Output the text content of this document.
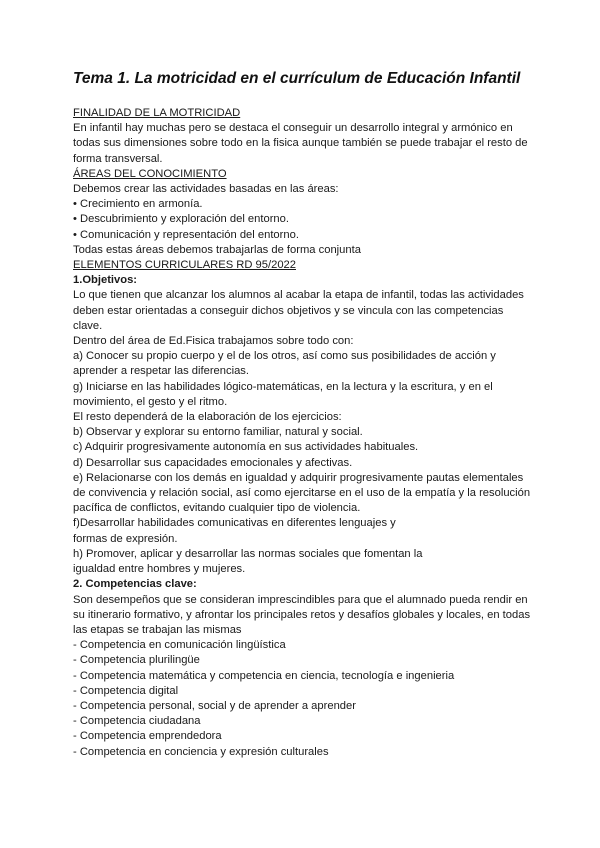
Tema 1. La motricidad en el currículum de Educación Infantil
FINALIDAD DE LA MOTRICIDAD
En infantil hay muchas pero se destaca el conseguir un desarrollo integral y armónico en
todas sus dimensiones sobre todo en la fisica aunque también se puede trabajar el resto de
forma transversal.
ÁREAS DEL CONOCIMIENTO
Debemos crear las actividades basadas en las áreas:
• Crecimiento en armonía.
• Descubrimiento y exploración del entorno.
• Comunicación y representación del entorno.
Todas estas áreas debemos trabajarlas de forma conjunta
ELEMENTOS CURRICULARES RD 95/2022
1.Objetivos:
Lo que tienen que alcanzar los alumnos al acabar la etapa de infantil, todas las actividades
deben estar orientadas a conseguir dichos objetivos y se vincula con las competencias
clave.
Dentro del área de Ed.Fisica trabajamos sobre todo con:
a) Conocer su propio cuerpo y el de los otros, así como sus posibilidades de acción y
aprender a respetar las diferencias.
g) Iniciarse en las habilidades lógico-matemáticas, en la lectura y la escritura, y en el
movimiento, el gesto y el ritmo.
El resto dependerá de la elaboración de los ejercicios:
b) Observar y explorar su entorno familiar, natural y social.
c) Adquirir progresivamente autonomía en sus actividades habituales.
d) Desarrollar sus capacidades emocionales y afectivas.
e) Relacionarse con los demás en igualdad y adquirir progresivamente pautas elementales
de convivencia y relación social, así como ejercitarse en el uso de la empatía y la resolución
pacífica de conflictos, evitando cualquier tipo de violencia.
f)Desarrollar habilidades comunicativas en diferentes lenguajes y
formas de expresión.
h) Promover, aplicar y desarrollar las normas sociales que fomentan la
igualdad entre hombres y mujeres.
2. Competencias clave:
Son desempeños que se consideran imprescindibles para que el alumnado pueda rendir en
su itinerario formativo, y afrontar los principales retos y desafíos globales y locales, en todas
las etapas se trabajan las mismas
- Competencia en comunicación lingüística
- Competencia plurilingüe
- Competencia matemática y competencia en ciencia, tecnología e ingenieria
- Competencia digital
- Competencia personal, social y de aprender a aprender
- Competencia ciudadana
- Competencia emprendedora
- Competencia en conciencia y expresión culturales
